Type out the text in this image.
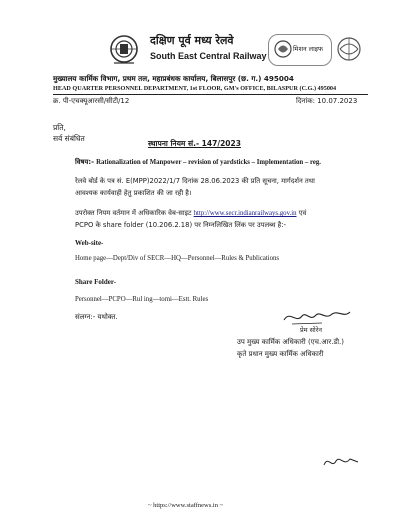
दक्षिण पूर्व मध्य रेलवे
South East Central Railway
मिशन लाइफ
मुख्यालय कार्मिक विभाग, प्रथम तल, महाप्रबंधक कार्यालय, बिलासपुर (छ. ग.) 495004
HEAD QUARTER PERSONNEL DEPARTMENT, 1st FLOOR, GM's OFFICE, BILASPUR (C.G.) 495004
क्र. पी-एचक्यूआरसी/सीटी/12	दिनांक: 10.07.2023
प्रति,
सर्व संबंधित
स्थापना नियम सं.- 147/2023
विषय:- Rationalization of Manpower – revision of yardsticks – Implementation – reg.
रेलवे बोर्ड के पत्र सं. E(MPP)2022/1/7 दिनांक 28.06.2023 की प्रति सूचना, मार्गदर्शन तथा
आवश्यक कार्यवाही हेतु प्रकाशित की जा रही है।
उपरोक्त नियम वर्तमान में अधिकारिक वेब-साइट http://www.secr.indianrailways.gov.in एवं
PCPO के share folder (10.206.2.18) पर निम्नलिखित लिंक पर उपलब्ध है:-
Web-site-
Home page—Dept/Div of SECR—HQ—Personnel—Rules & Publications
Share Folder-
Personnel—PCPO—Rul ing—tomi—Estt. Rules
संलग्न:- यथोक्त.
प्रेम सोरेन
उप मुख्य कार्मिक अधिकारी (एच.आर.डी.)
कृते प्रधान मुख्य कार्मिक अधिकारी
~ https://www.staffnews.in ~
